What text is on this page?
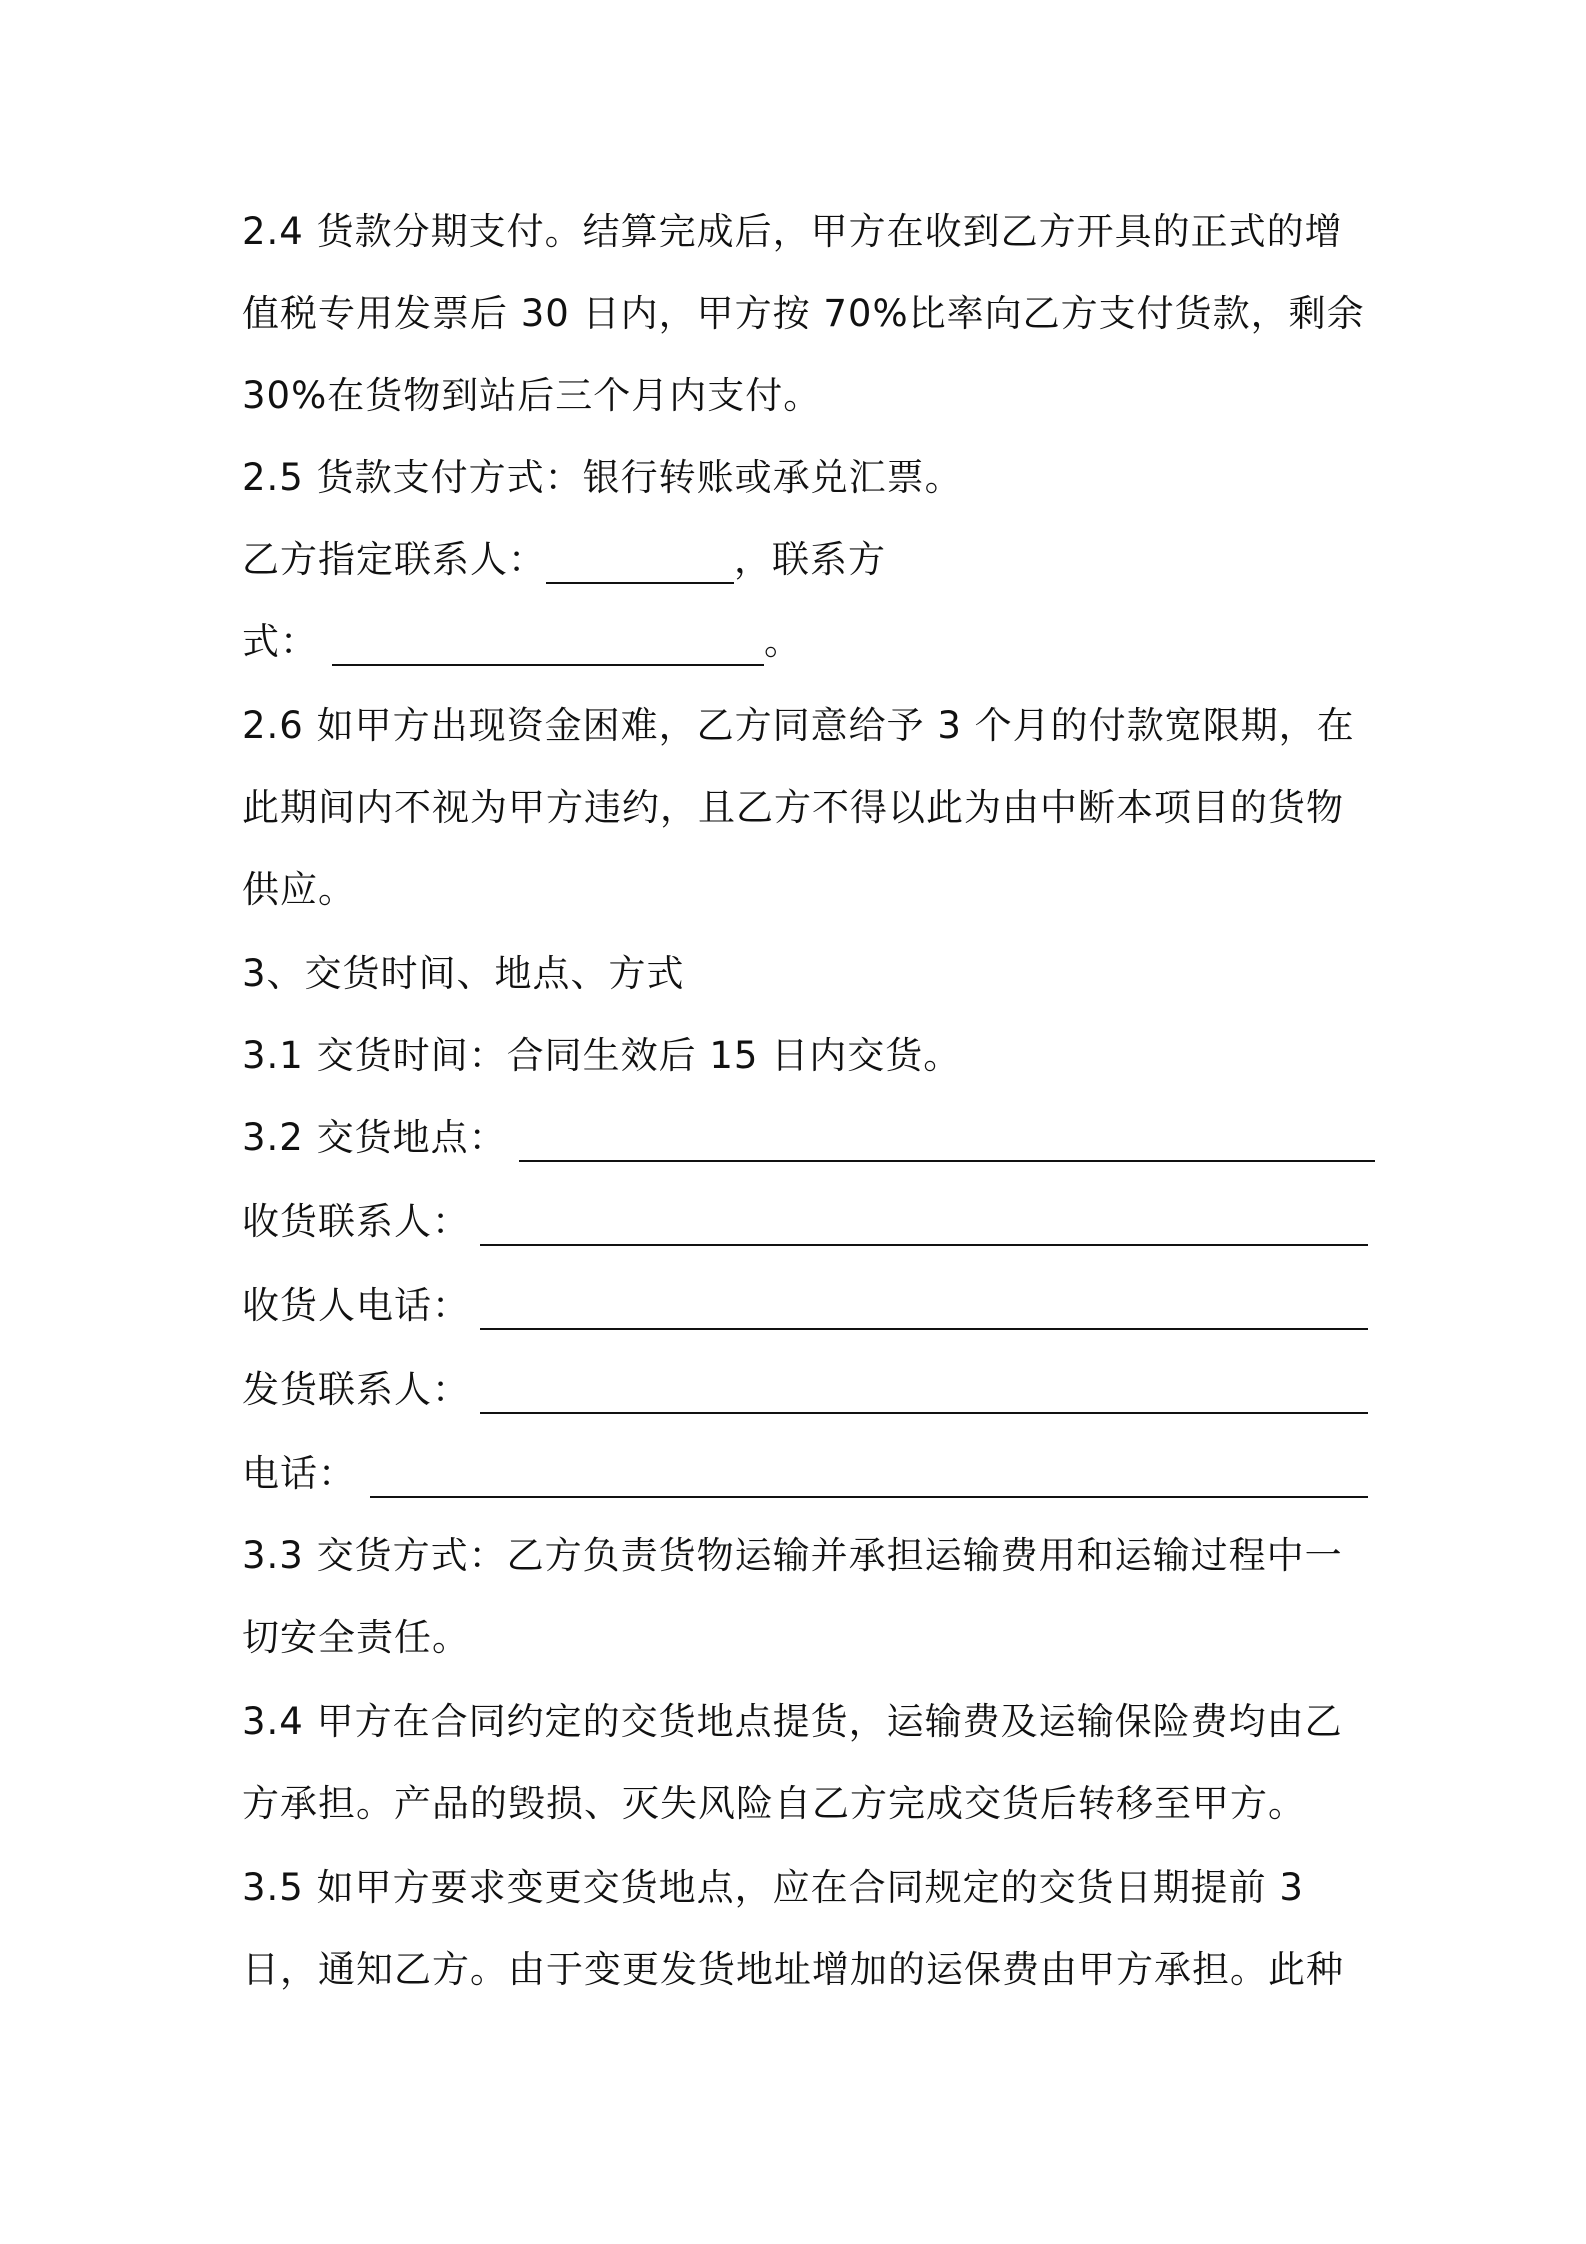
2.4 货款分期支付。结算完成后，甲方在收到乙方开具的正式的增
值税专用发票后 30 日内，甲方按 70%比率向乙方支付货款，剩余
30%在货物到站后三个月内支付。
2.5 货款支付方式：银行转账或承兑汇票。
乙方指定联系人：	，联系方
式：	。
2.6 如甲方出现资金困难，乙方同意给予 3 个月的付款宽限期，在
此期间内不视为甲方违约，且乙方不得以此为由中断本项目的货物
供应。
3、交货时间、地点、方式
3.1 交货时间：合同生效后 15 日内交货。
3.2 交货地点：
收货联系人：
收货人电话：
发货联系人：
电话：
3.3 交货方式：乙方负责货物运输并承担运输费用和运输过程中一
切安全责任。
3.4 甲方在合同约定的交货地点提货，运输费及运输保险费均由乙
方承担。产品的毁损、灭失风险自乙方完成交货后转移至甲方。
3.5 如甲方要求变更交货地点，应在合同规定的交货日期提前 3
日，通知乙方。由于变更发货地址增加的运保费由甲方承担。此种
